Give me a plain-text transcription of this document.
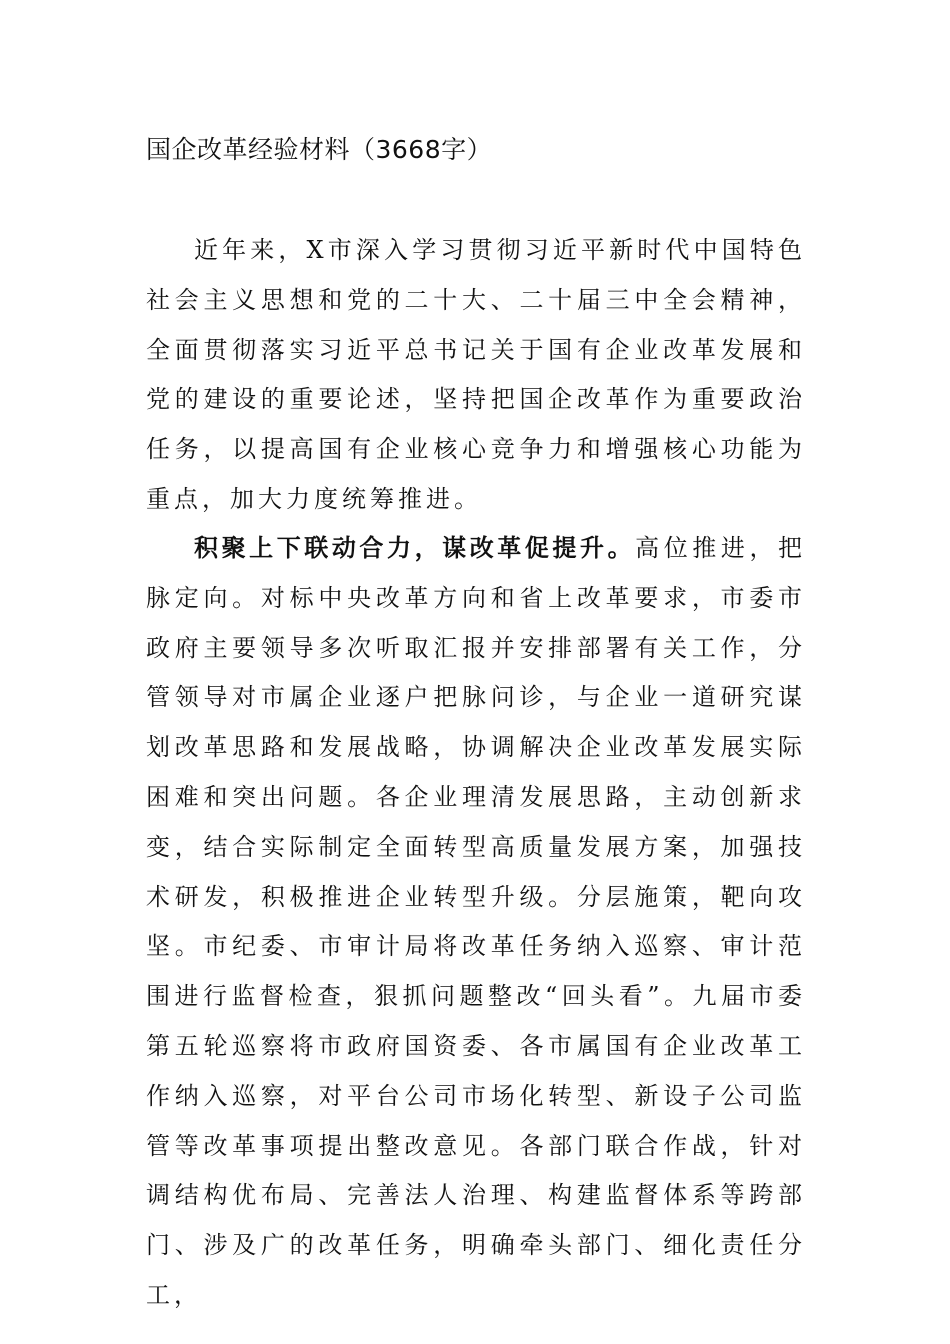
国企改革经验材料（3668字）

近年来，X市深入学习贯彻习近平新时代中国特色社会主义思想和党的二十大、二十届三中全会精神，全面贯彻落实习近平总书记关于国有企业改革发展和党的建设的重要论述，坚持把国企改革作为重要政治任务，以提高国有企业核心竞争力和增强核心功能为重点，加大力度统筹推进。

积聚上下联动合力，谋改革促提升。高位推进，把脉定向。对标中央改革方向和省上改革要求，市委市政府主要领导多次听取汇报并安排部署有关工作，分管领导对市属企业逐户把脉问诊，与企业一道研究谋划改革思路和发展战略，协调解决企业改革发展实际困难和突出问题。各企业理清发展思路，主动创新求变，结合实际制定全面转型高质量发展方案，加强技术研发，积极推进企业转型升级。分层施策，靶向攻坚。市纪委、市审计局将改革任务纳入巡察、审计范围进行监督检查，狠抓问题整改“回头看”。九届市委第五轮巡察将市政府国资委、各市属国有企业改革工作纳入巡察，对平台公司市场化转型、新设子公司监管等改革事项提出整改意见。各部门联合作战，针对调结构优布局、完善法人治理、构建监督体系等跨部门、涉及广的改革任务，明确牵头部门、细化责任分工，
